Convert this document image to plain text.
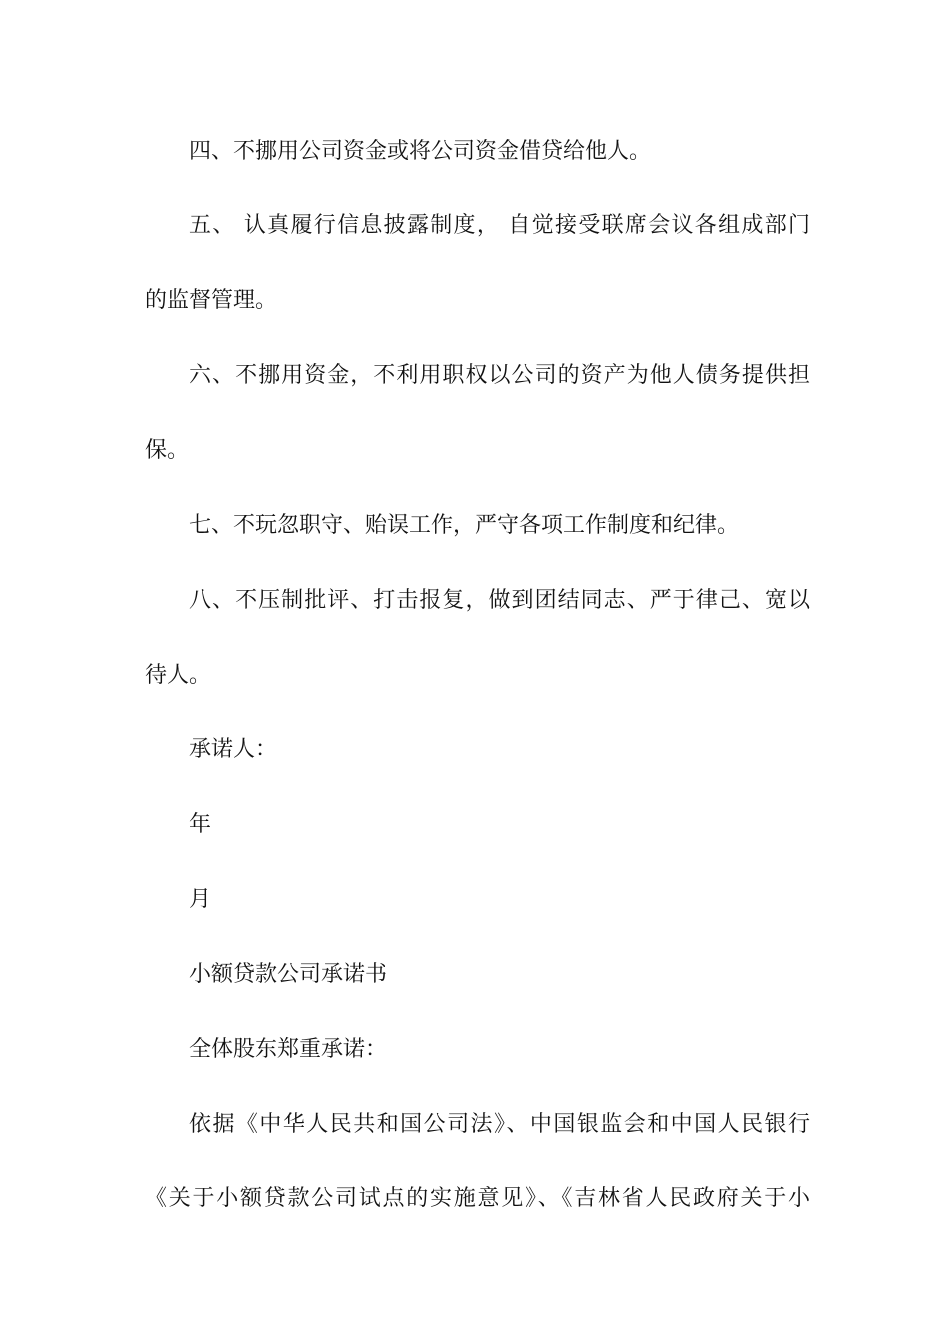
四、不挪用公司资金或将公司资金借贷给他人。
五、 认真履行信息披露制度， 自觉接受联席会议各组成部门
的监督管理。
六、不挪用资金，不利用职权以公司的资产为他人债务提供担
保。
七、不玩忽职守、贻误工作，严守各项工作制度和纪律。
八、不压制批评、打击报复，做到团结同志、严于律己、宽以
待人。
承诺人：
年
月
小额贷款公司承诺书
全体股东郑重承诺：
依据《中华人民共和国公司法》、中国银监会和中国人民银行
《关于小额贷款公司试点的实施意见》、《吉林省人民政府关于小
